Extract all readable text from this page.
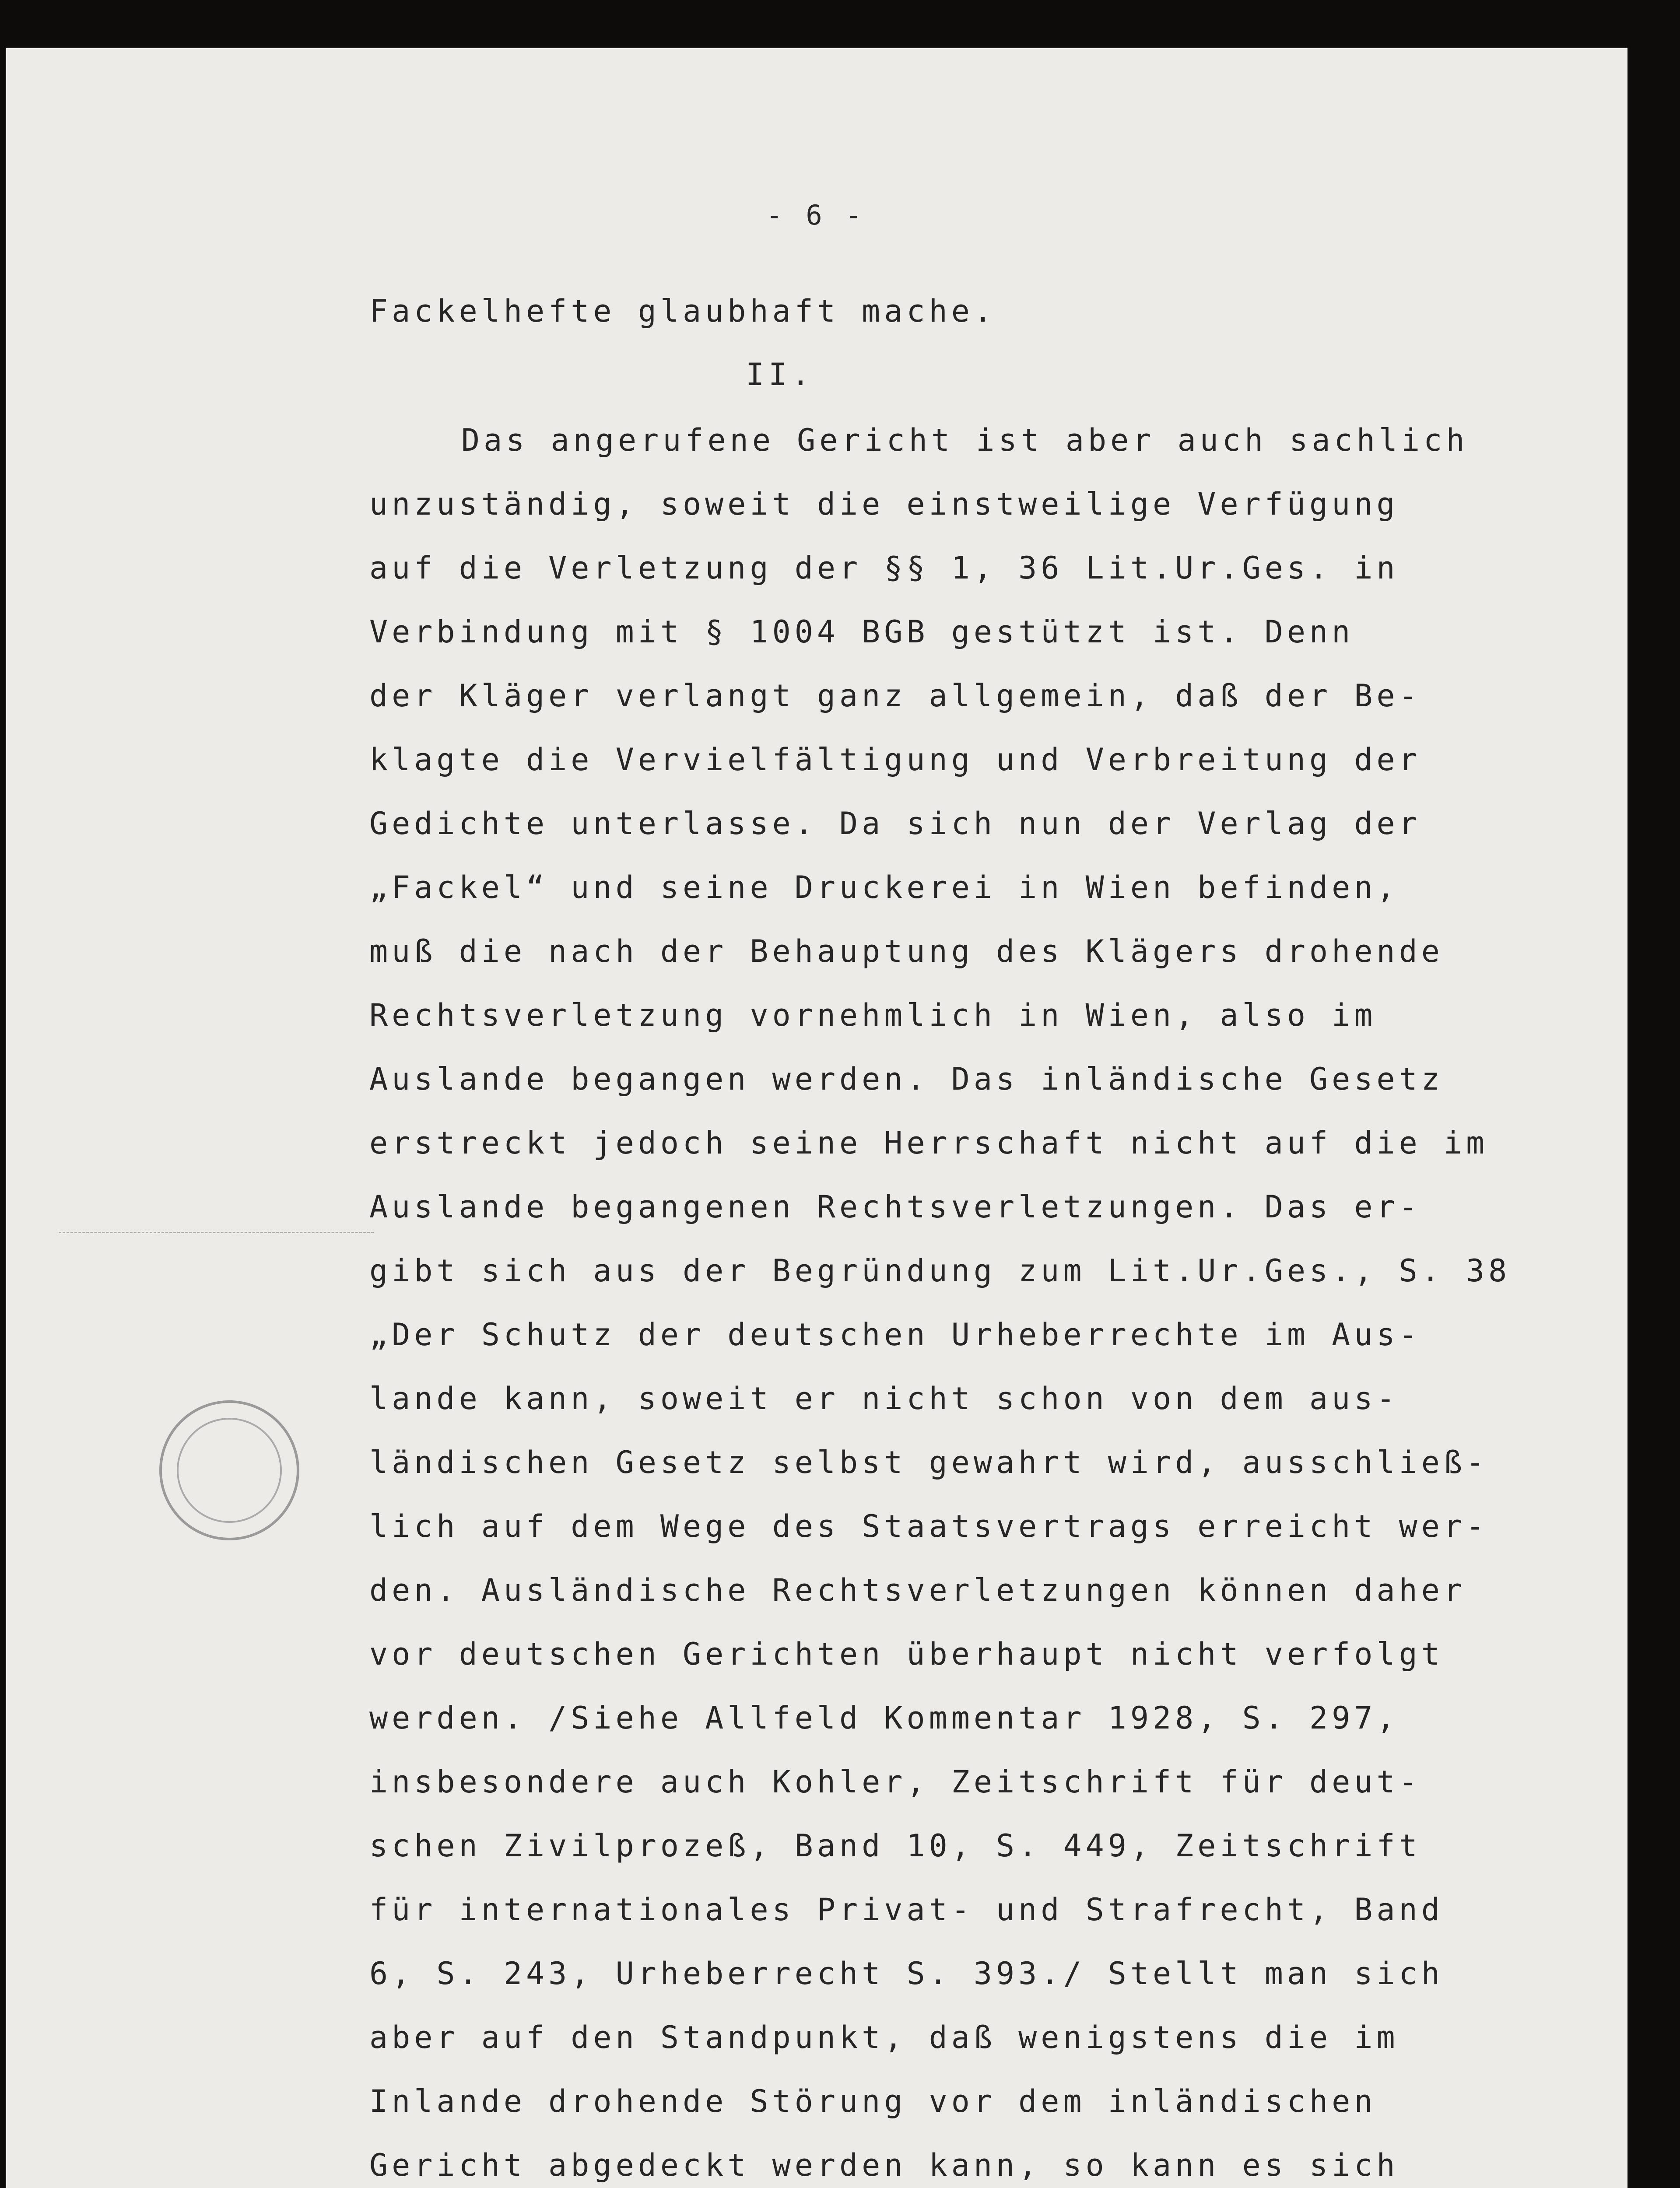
- 6 -
Fackelhefte glaubhaft mache.
II.
Das angerufene Gericht ist aber auch sachlich
unzuständig, soweit die einstweilige Verfügung
auf die Verletzung der §§ 1, 36 Lit.Ur.Ges. in
Verbindung mit § 1004 BGB gestützt ist. Denn
der Kläger verlangt ganz allgemein, daß der Be-
klagte die Vervielfältigung und Verbreitung der
Gedichte unterlasse. Da sich nun der Verlag der
„Fackel“ und seine Druckerei in Wien befinden,
muß die nach der Behauptung des Klägers drohende
Rechtsverletzung vornehmlich in Wien, also im
Auslande begangen werden. Das inländische Gesetz
erstreckt jedoch seine Herrschaft nicht auf die im
Auslande begangenen Rechtsverletzungen. Das er-
gibt sich aus der Begründung zum Lit.Ur.Ges., S. 38
„Der Schutz der deutschen Urheberrechte im Aus-
lande kann, soweit er nicht schon von dem aus-
ländischen Gesetz selbst gewahrt wird, ausschließ-
lich auf dem Wege des Staatsvertrags erreicht wer-
den. Ausländische Rechtsverletzungen können daher
vor deutschen Gerichten überhaupt nicht verfolgt
werden. /Siehe Allfeld Kommentar 1928, S. 297,
insbesondere auch Kohler, Zeitschrift für deut-
schen Zivilprozeß, Band 10, S. 449, Zeitschrift
für internationales Privat- und Strafrecht, Band
6, S. 243, Urheberrecht S. 393./ Stellt man sich
aber auf den Standpunkt, daß wenigstens die im
Inlande drohende Störung vor dem inländischen
Gericht abgedeckt werden kann, so kann es sich
